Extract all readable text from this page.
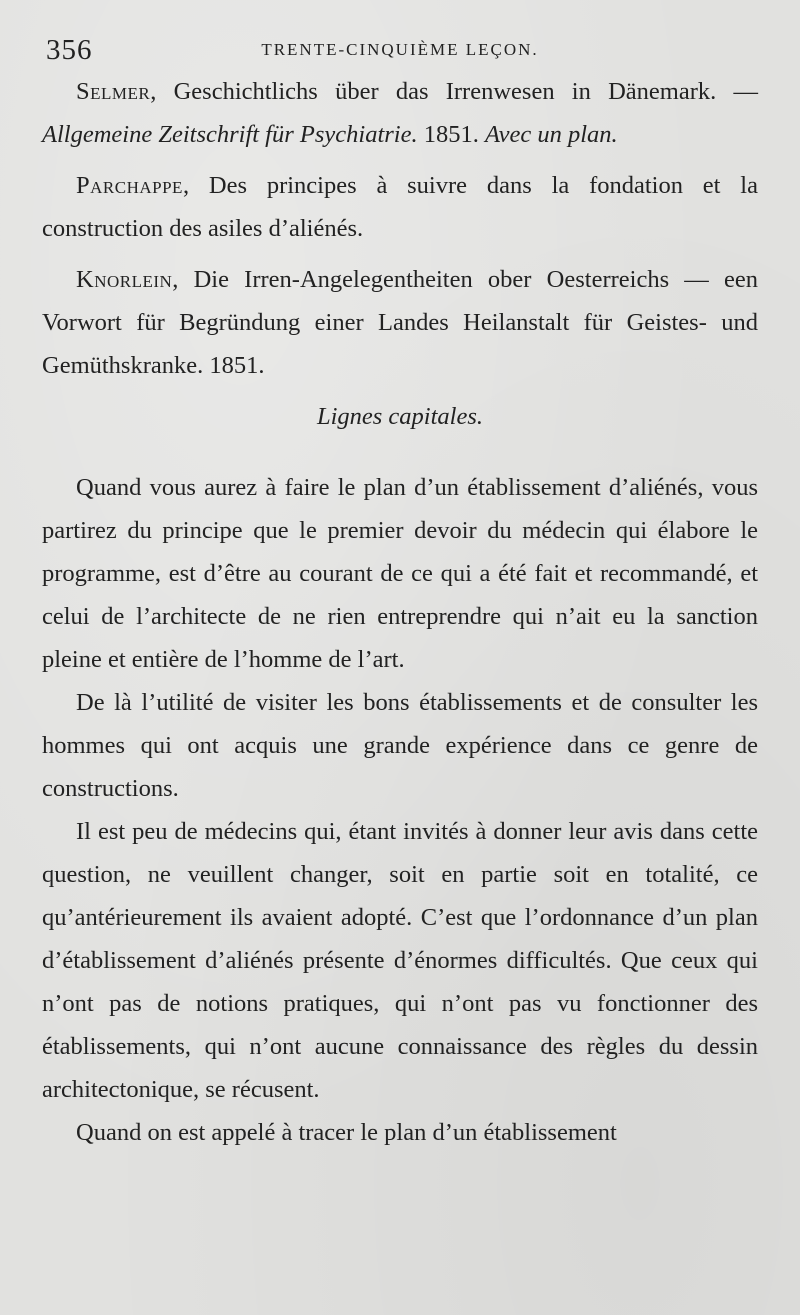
356	TRENTE-CINQUIÈME LEÇON.

Selmer, Geschichtlichs über das Irrenwesen in Dänemark. — Allgemeine Zeitschrift für Psychiatrie. 1851. Avec un plan.

Parchappe, Des principes à suivre dans la fondation et la construction des asiles d’aliénés.

Knorlein, Die Irren-Angelegentheiten ober Oesterreichs — een Vorwort für Begründung einer Landes Heilanstalt für Geistes- und Gemüthskranke. 1851.

Lignes capitales.

Quand vous aurez à faire le plan d’un établissement d’aliénés, vous partirez du principe que le premier devoir du médecin qui élabore le programme, est d’être au courant de ce qui a été fait et recommandé, et celui de l’architecte de ne rien entreprendre qui n’ait eu la sanction pleine et entière de l’homme de l’art.

De là l’utilité de visiter les bons établissements et de consulter les hommes qui ont acquis une grande expérience dans ce genre de constructions.

Il est peu de médecins qui, étant invités à donner leur avis dans cette question, ne veuillent changer, soit en partie soit en totalité, ce qu’antérieurement ils avaient adopté. C’est que l’ordonnance d’un plan d’établissement d’aliénés présente d’énormes difficultés. Que ceux qui n’ont pas de notions pratiques, qui n’ont pas vu fonctionner des établissements, qui n’ont aucune connaissance des règles du dessin architectonique, se récusent.

Quand on est appelé à tracer le plan d’un établissement
